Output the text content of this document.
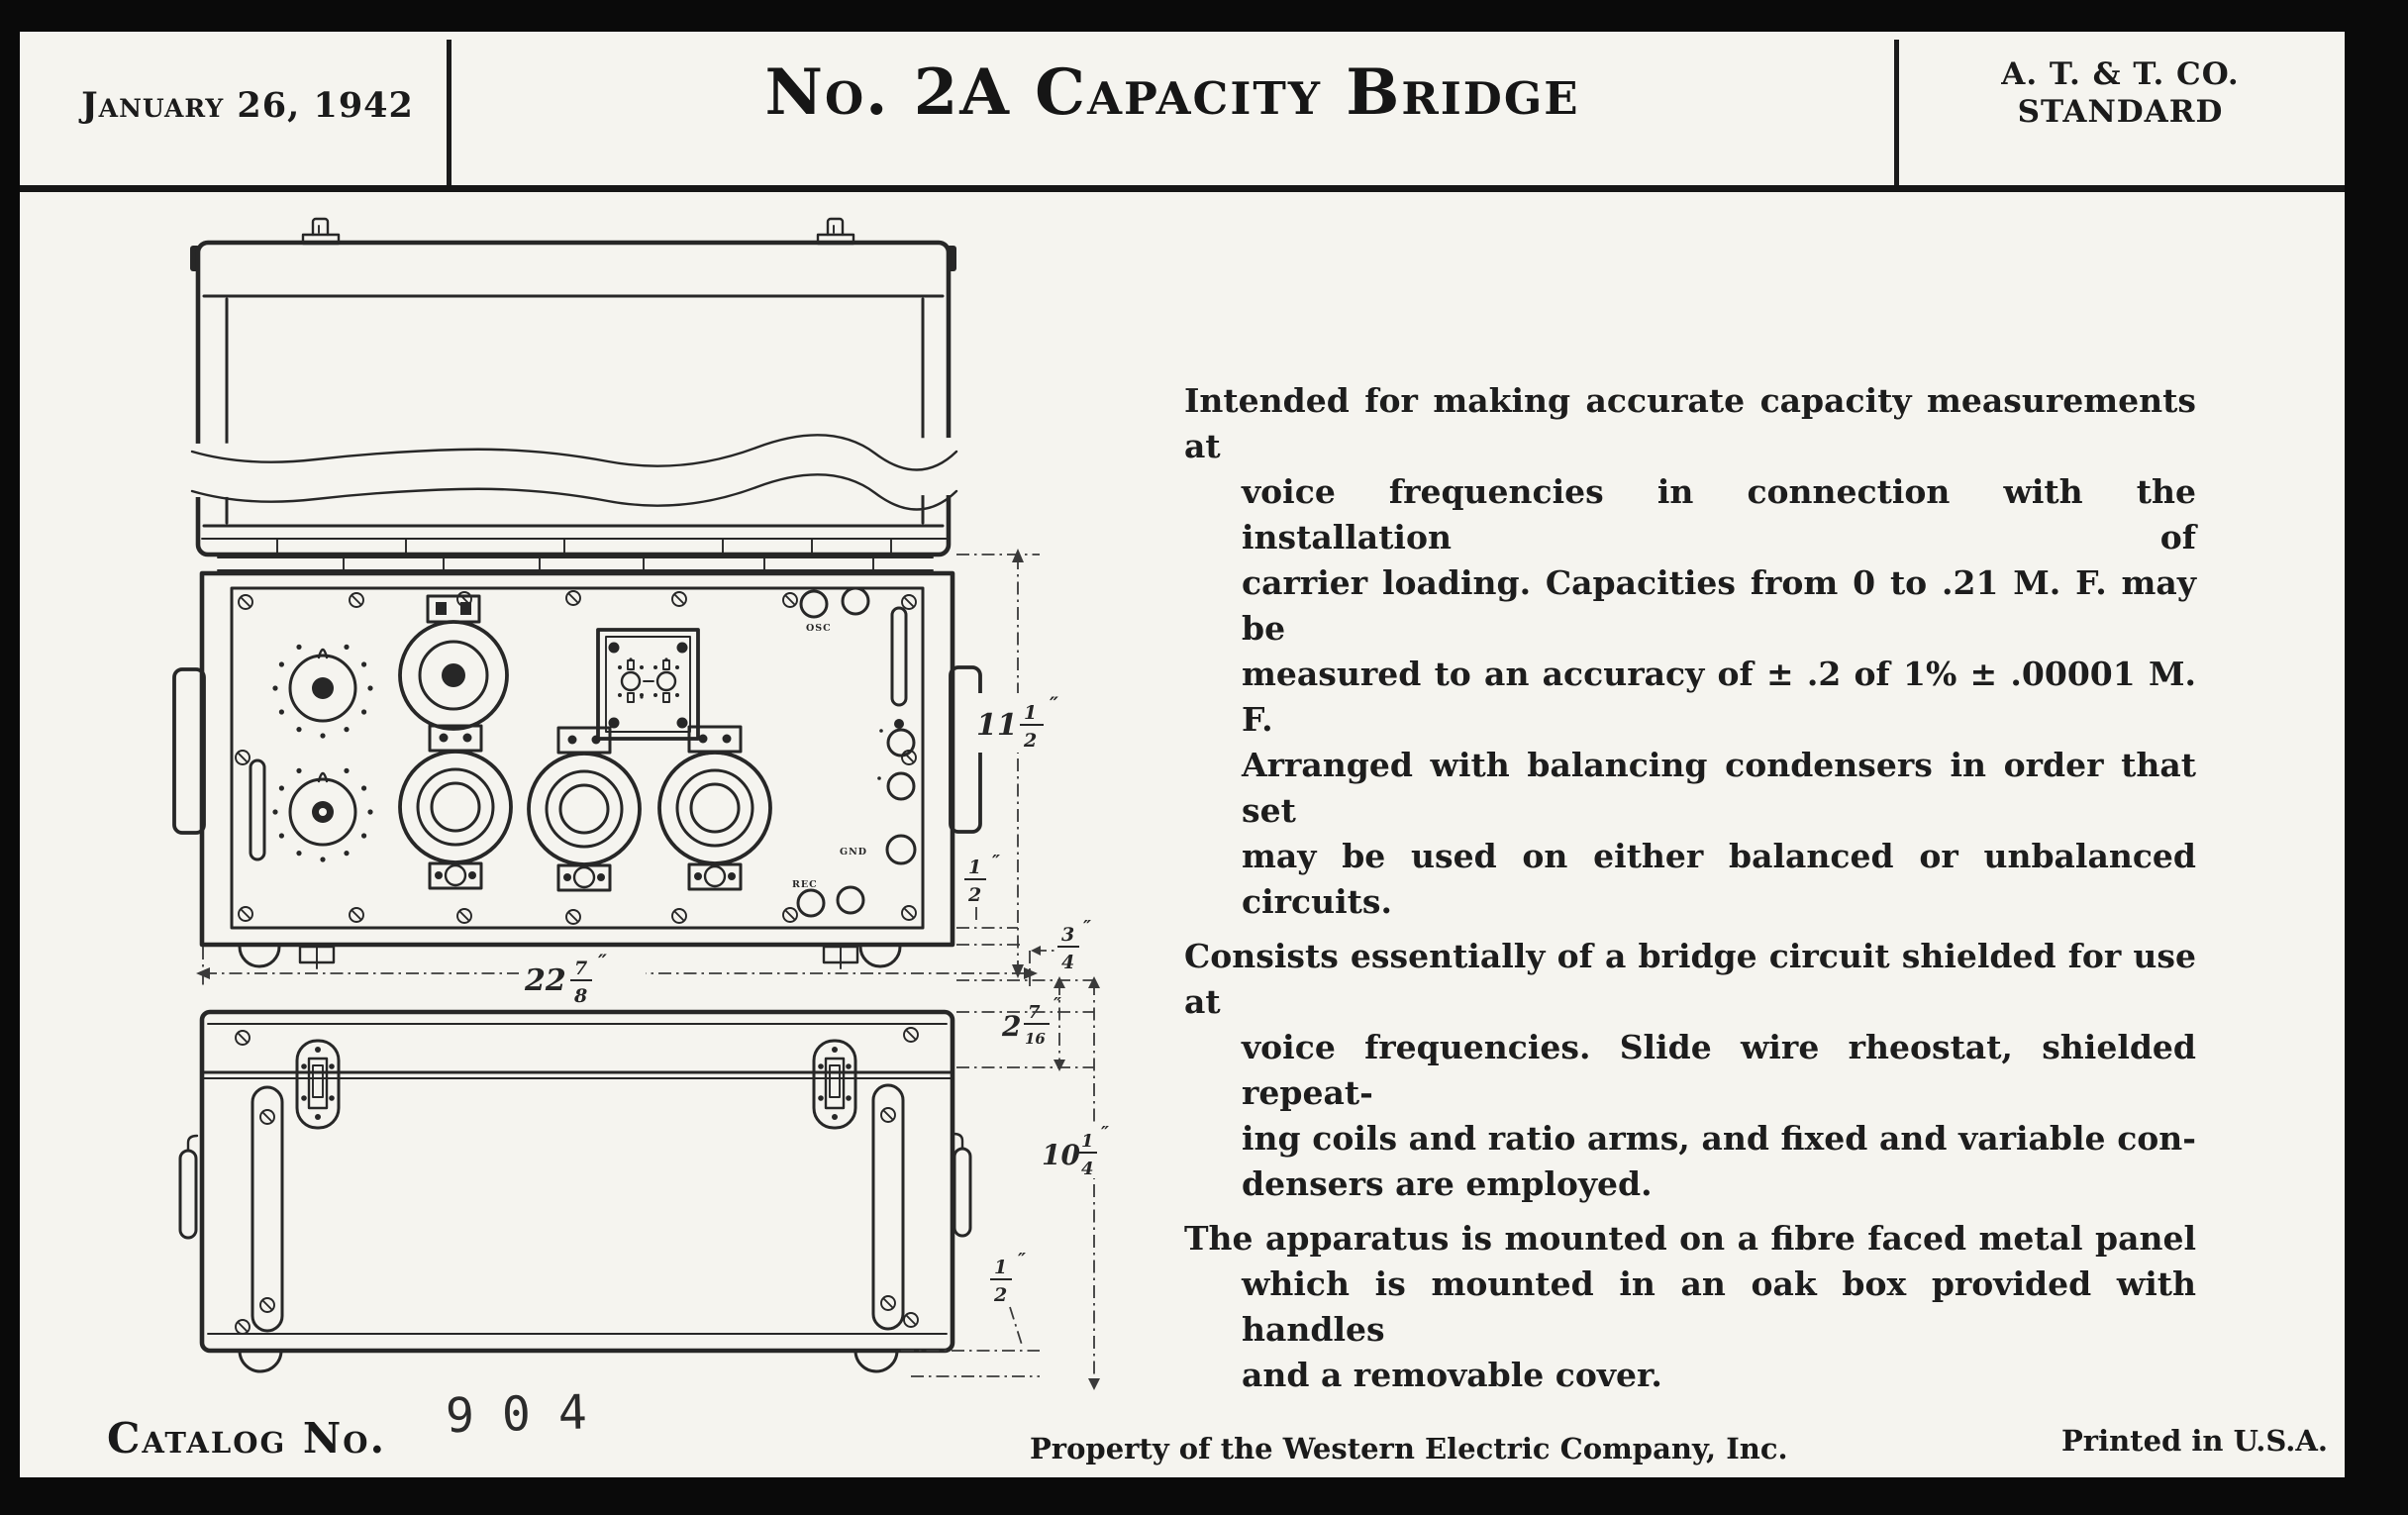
January 26, 1942	No. 2A Capacity Bridge	A. T. & T. CO.
STANDARD
OSC
GND
REC
11 1
2
″
1
2
″
22 7
8
″
3
4
″
2 7
16
″
10 1
4
″
1
2
″
Intended for making accurate capacity measurements at
voice frequencies in connection with the installation of
carrier loading. Capacities from 0 to .21 M. F. may be
measured to an accuracy of ± .2 of 1% ± .00001 M. F.
Arranged with balancing condensers in order that set
may be used on either balanced or unbalanced circuits.
Consists essentially of a bridge circuit shielded for use at
voice frequencies. Slide wire rheostat, shielded repeat-
ing coils and ratio arms, and fixed and variable con-
densers are employed.
The apparatus is mounted on a fibre faced metal panel
which is mounted in an oak box provided with handles
and a removable cover.
Catalog No. 904
Property of the Western Electric Company, Inc.	Printed in U.S.A.
